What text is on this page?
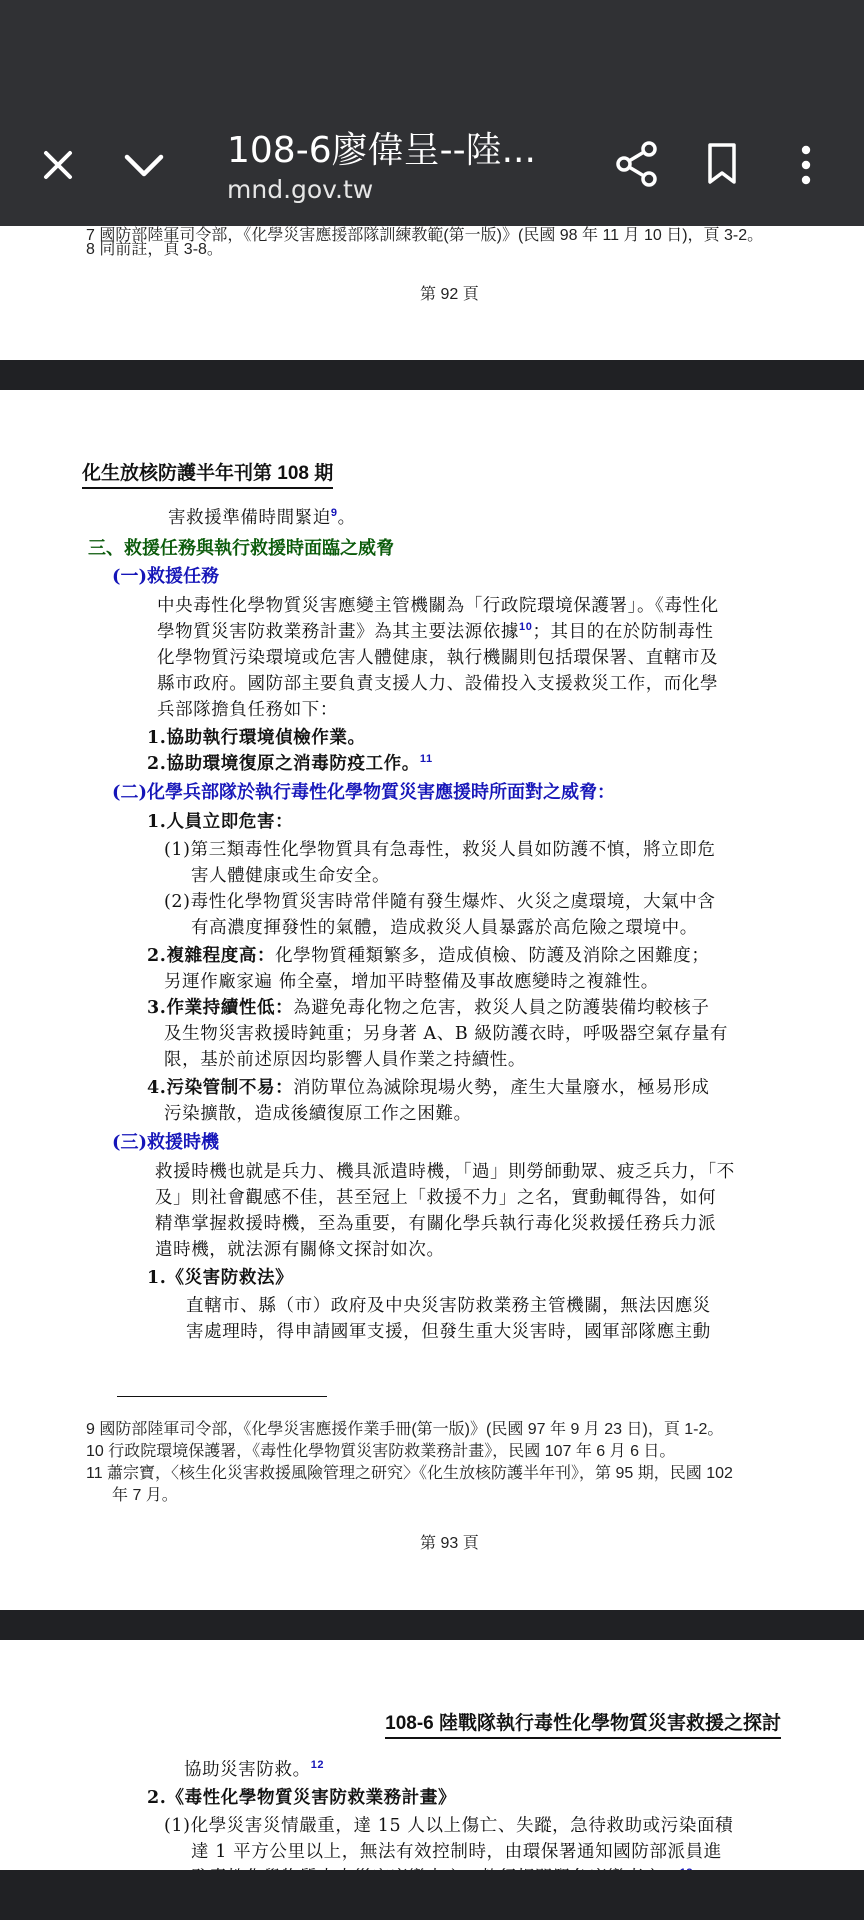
108-6廖偉呈--陸...
mnd.gov.tw
7 國防部陸軍司令部，《化學災害應援部隊訓練教範(第一版)》(民國 98 年 11 月 10 日)，頁 3-2。
8 同前註，頁 3-8。
第 92 頁
化生放核防護半年刊第 108 期
害救援準備時間緊迫$^9$。
三、救援任務與執行救援時面臨之威脅
(一)救援任務
中央毒性化學物質災害應變主管機關為「行政院環境保護署」。《毒性化
學物質災害防救業務計畫》為其主要法源依據$^{10}$；其目的在於防制毒性
化學物質污染環境或危害人體健康，執行機關則包括環保署、直轄市及
縣市政府。國防部主要負責支援人力、設備投入支援救災工作，而化學
兵部隊擔負任務如下：
1.協助執行環境偵檢作業。
2.協助環境復原之消毒防疫工作。$^{11}$
(二)化學兵部隊於執行毒性化學物質災害應援時所面對之威脅：
1.人員立即危害：
(1)第三類毒性化學物質具有急毒性，救災人員如防護不慎，將立即危
害人體健康或生命安全。
(2)毒性化學物質災害時常伴隨有發生爆炸、火災之虞環境，大氣中含
有高濃度揮發性的氣體，造成救災人員暴露於高危險之環境中。
2.複雜程度高：化學物質種類繁多，造成偵檢、防護及消除之困難度；
另運作廠家遍 佈全臺，增加平時整備及事故應變時之複雜性。
3.作業持續性低：為避免毒化物之危害，救災人員之防護裝備均較核子
及生物災害救援時鈍重；另身著 A、B 級防護衣時，呼吸器空氣存量有
限，基於前述原因均影響人員作業之持續性。
4.污染管制不易：消防單位為滅除現場火勢，產生大量廢水，極易形成
污染擴散，造成後續復原工作之困難。
(三)救援時機
救援時機也就是兵力、機具派遣時機，「過」則勞師動眾、疲乏兵力，「不
及」則社會觀感不佳，甚至冠上「救援不力」之名，實動輒得咎，如何
精準掌握救援時機，至為重要，有關化學兵執行毒化災救援任務兵力派
遣時機，就法源有關條文探討如次。
1.《災害防救法》
直轄市、縣（市）政府及中央災害防救業務主管機關，無法因應災
害處理時，得申請國軍支援，但發生重大災害時，國軍部隊應主動
9 國防部陸軍司令部，《化學災害應援作業手冊(第一版)》(民國 97 年 9 月 23 日)，頁 1-2。
10 行政院環境保護署，《毒性化學物質災害防救業務計畫》，民國 107 年 6 月 6 日。
11 蕭宗寶，〈核生化災害救援風險管理之研究〉《化生放核防護半年刊》，第 95 期，民國 102
年 7 月。
第 93 頁
108-6 陸戰隊執行毒性化學物質災害救援之探討
協助災害防救。$^{12}$
2.《毒性化學物質災害防救業務計畫》
(1)化學災害災情嚴重，達 15 人以上傷亡、失蹤，急待救助或污染面積
達 1 平方公里以上，無法有效控制時，由環保署通知國防部派員進
